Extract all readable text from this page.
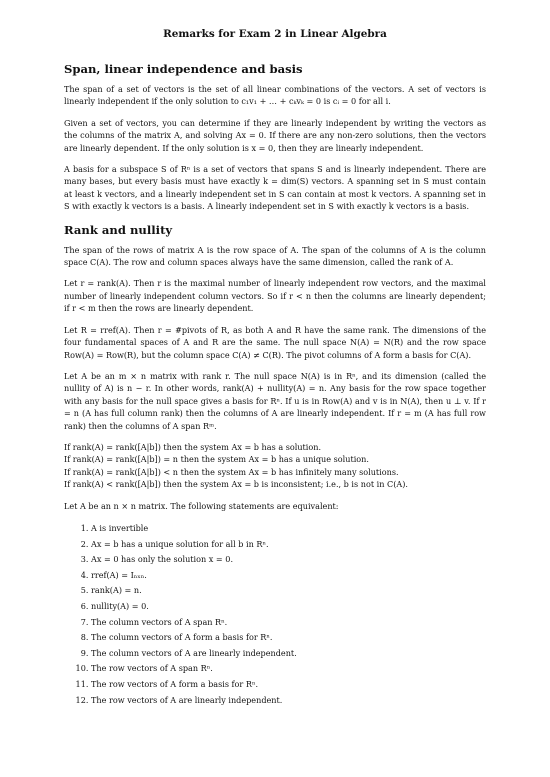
Remarks for Exam 2 in Linear Algebra
Span, linear independence and basis

The span of a set of vectors is the set of all linear combinations of the vectors. A set of vectors is linearly independent if the only solution to c₁v₁ + … + cₖvₖ = 0 is cᵢ = 0 for all i.

Given a set of vectors, you can determine if they are linearly independent by writing the vectors as the columns of the matrix A, and solving Ax = 0. If there are any non-zero solutions, then the vectors are linearly dependent. If the only solution is x = 0, then they are linearly independent.

A basis for a subspace S of Rⁿ is a set of vectors that spans S and is linearly independent. There are many bases, but every basis must have exactly k = dim(S) vectors. A spanning set in S must contain at least k vectors, and a linearly independent set in S can contain at most k vectors. A spanning set in S with exactly k vectors is a basis. A linearly independent set in S with exactly k vectors is a basis.

Rank and nullity

The span of the rows of matrix A is the row space of A. The span of the columns of A is the column space C(A). The row and column spaces always have the same dimension, called the rank of A.

Let r = rank(A). Then r is the maximal number of linearly independent row vectors, and the maximal number of linearly independent column vectors. So if r < n then the columns are linearly dependent; if r < m then the rows are linearly dependent.

Let R = rref(A). Then r = #pivots of R, as both A and R have the same rank. The dimensions of the four fundamental spaces of A and R are the same. The null space N(A) = N(R) and the row space Row(A) = Row(R), but the column space C(A) ≠ C(R). The pivot columns of A form a basis for C(A).

Let A be an m × n matrix with rank r. The null space N(A) is in Rⁿ, and its dimension (called the nullity of A) is n − r. In other words, rank(A) + nullity(A) = n. Any basis for the row space together with any basis for the null space gives a basis for Rⁿ. If u is in Row(A) and v is in N(A), then u ⊥ v. If r = n (A has full column rank) then the columns of A are linearly independent. If r = m (A has full row rank) then the columns of A span Rᵐ.

If rank(A) = rank([A|b]) then the system Ax = b has a solution.
If rank(A) = rank([A|b]) = n then the system Ax = b has a unique solution.
If rank(A) = rank([A|b]) < n then the system Ax = b has infinitely many solutions.
If rank(A) < rank([A|b]) then the system Ax = b is inconsistent; i.e., b is not in C(A).

Let A be an n × n matrix. The following statements are equivalent:

1. A is invertible
2. Ax = b has a unique solution for all b in Rⁿ.
3. Ax = 0 has only the solution x = 0.
4. rref(A) = Iₙₓₙ.
5. rank(A) = n.
6. nullity(A) = 0.
7. The column vectors of A span Rⁿ.
8. The column vectors of A form a basis for Rⁿ.
9. The column vectors of A are linearly independent.
10. The row vectors of A span Rⁿ.
11. The row vectors of A form a basis for Rⁿ.
12. The row vectors of A are linearly independent.
